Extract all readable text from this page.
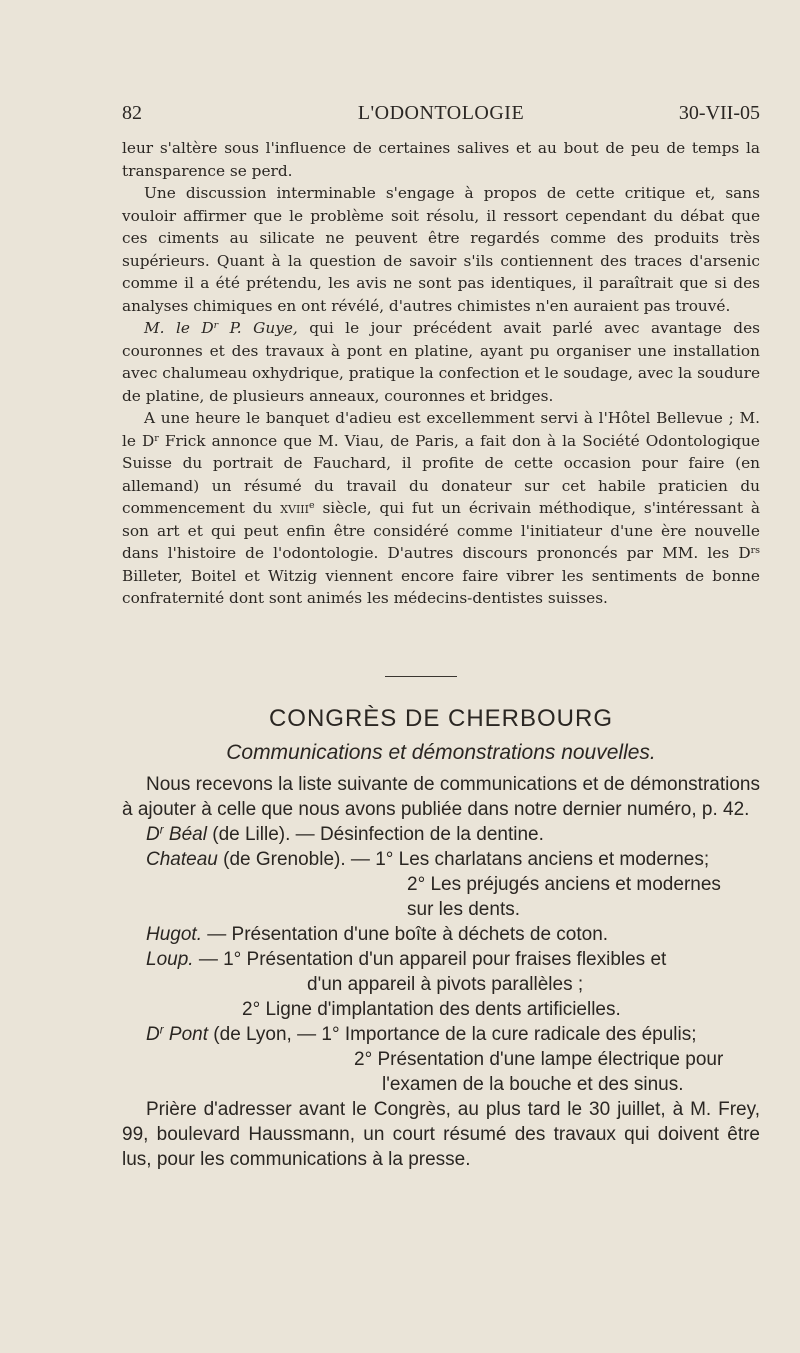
82	L'ODONTOLOGIE	30-VII-05

leur s'altère sous l'influence de certaines salives et au bout de peu de temps la transparence se perd.

Une discussion interminable s'engage à propos de cette critique et, sans vouloir affirmer que le problème soit résolu, il ressort cependant du débat que ces ciments au silicate ne peuvent être regardés comme des produits très supérieurs. Quant à la question de savoir s'ils contiennent des traces d'arsenic comme il a été prétendu, les avis ne sont pas identiques, il paraîtrait que si des analyses chimiques en ont révélé, d'autres chimistes n'en auraient pas trouvé.

M. le $D^r$ P. Guye, qui le jour précédent avait parlé avec avantage des couronnes et des travaux à pont en platine, ayant pu organiser une installation avec chalumeau oxhydrique, pratique la confection et le soudage, avec la soudure de platine, de plusieurs anneaux, couronnes et bridges.

A une heure le banquet d'adieu est excellemment servi à l'Hôtel Bellevue ; M. le $D^r$ Frick annonce que M. Viau, de Paris, a fait don à la Société Odontologique Suisse du portrait de Fauchard, il profite de cette occasion pour faire (en allemand) un résumé du travail du donateur sur cet habile praticien du commencement du xviii$^e$ siècle, qui fut un écrivain méthodique, s'intéressant à son art et qui peut enfin être considéré comme l'initiateur d'une ère nouvelle dans l'histoire de l'odontologie. D'autres discours prononcés par MM. les $D^{rs}$ Billeter, Boitel et Witzig viennent encore faire vibrer les sentiments de bonne confraternité dont sont animés les médecins-dentistes suisses.

CONGRÈS DE CHERBOURG
Communications et démonstrations nouvelles.

Nous recevons la liste suivante de communications et de démonstrations à ajouter à celle que nous avons publiée dans notre dernier numéro, p. 42.

$D^r$ Béal (de Lille). — Désinfection de la dentine.
Chateau (de Grenoble). — 1° Les charlatans anciens et modernes;
2° Les préjugés anciens et modernes
sur les dents.
Hugot. — Présentation d'une boîte à déchets de coton.
Loup. — 1° Présentation d'un appareil pour fraises flexibles et
d'un appareil à pivots parallèles ;
2° Ligne d'implantation des dents artificielles.
$D^r$ Pont (de Lyon, — 1° Importance de la cure radicale des épulis;
2° Présentation d'une lampe électrique pour
l'examen de la bouche et des sinus.

Prière d'adresser avant le Congrès, au plus tard le 30 juillet, à M. Frey, 99, boulevard Haussmann, un court résumé des travaux qui doivent être lus, pour les communications à la presse.
